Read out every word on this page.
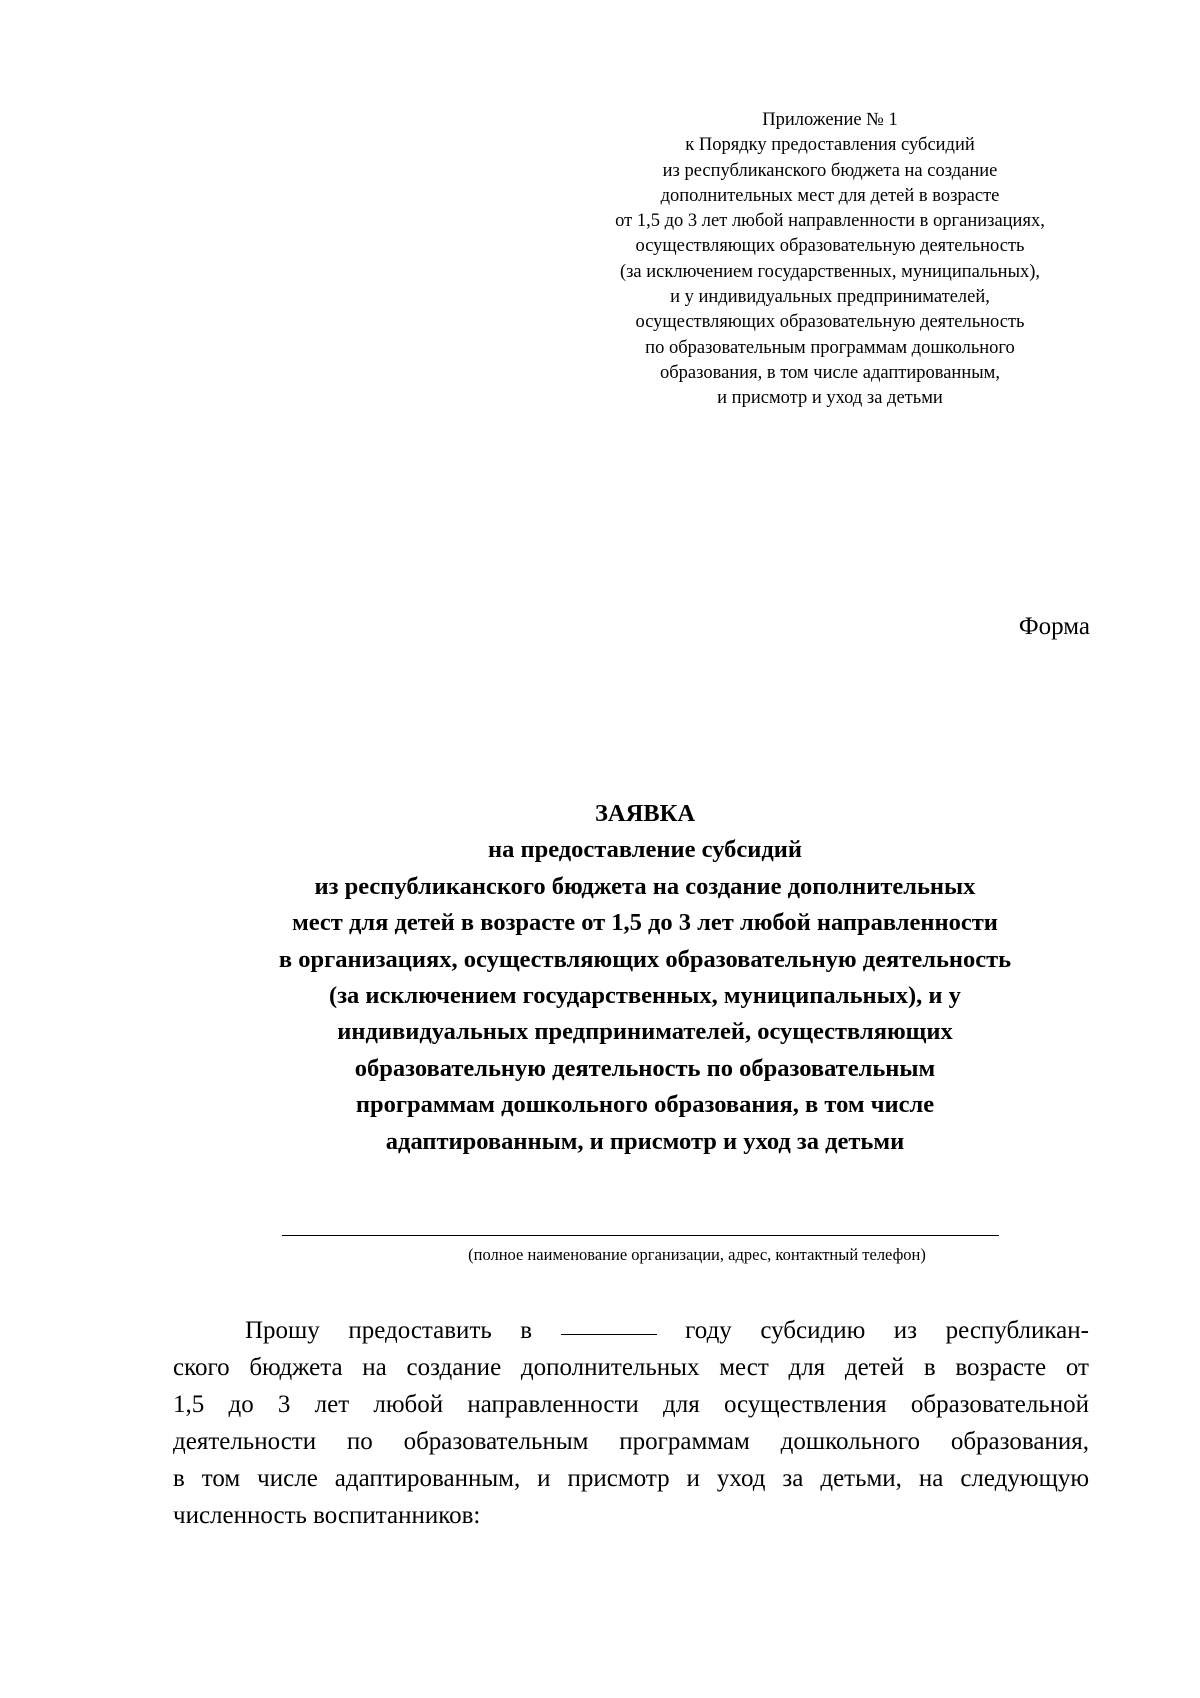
Приложение № 1
к Порядку предоставления субсидий
из республиканского бюджета на создание
дополнительных мест для детей в возрасте
от 1,5 до 3 лет любой направленности в организациях,
осуществляющих образовательную деятельность
(за исключением государственных, муниципальных),
и у индивидуальных предпринимателей,
осуществляющих образовательную деятельность
по образовательным программам дошкольного
образования, в том числе адаптированным,
и присмотр и уход за детьми
Форма
ЗАЯВКА
на предоставление субсидий
из республиканского бюджета на создание дополнительных
мест для детей в возрасте от 1,5 до 3 лет любой направленности
в организациях, осуществляющих образовательную деятельность
(за исключением государственных, муниципальных), и у
индивидуальных предпринимателей, осуществляющих
образовательную деятельность по образовательным
программам дошкольного образования, в том числе
адаптированным, и присмотр и уход за детьми
(полное наименование организации, адрес, контактный телефон)
Прошу предоставить в	году субсидию из республикан-
ского бюджета на создание дополнительных мест для детей в возрасте от
1,5 до 3 лет любой направленности для осуществления образовательной
деятельности по образовательным программам дошкольного образования,
в том числе адаптированным, и присмотр и уход за детьми, на следующую
численность воспитанников:
